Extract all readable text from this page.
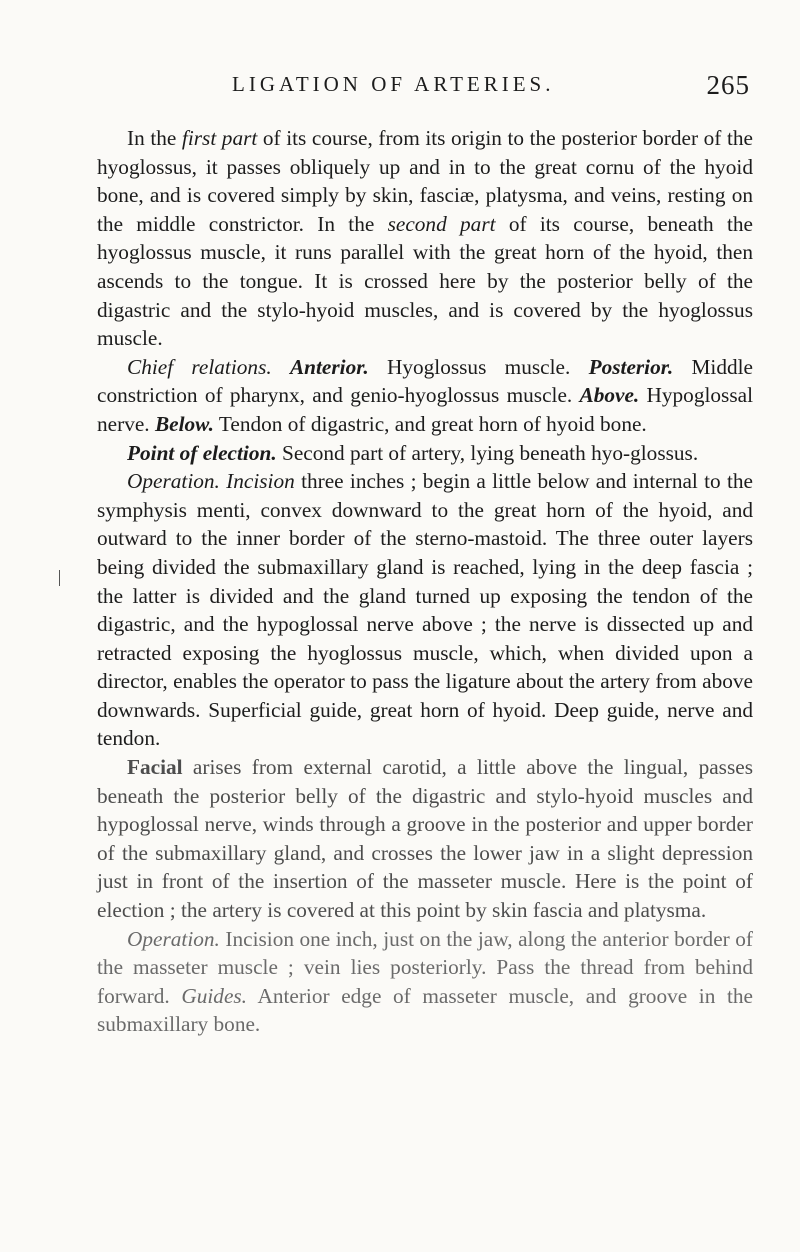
LIGATION OF ARTERIES.	265

In the first part of its course, from its origin to the posterior border of the hyoglossus, it passes obliquely up and in to the great cornu of the hyoid bone, and is covered simply by skin, fasciæ, platysma, and veins, resting on the middle constrictor. In the second part of its course, beneath the hyoglossus muscle, it runs parallel with the great horn of the hyoid, then ascends to the tongue. It is crossed here by the posterior belly of the digastric and the stylo-hyoid muscles, and is covered by the hyoglossus muscle.

Chief relations. Anterior. Hyoglossus muscle. Posterior. Middle constriction of pharynx, and genio-hyoglossus muscle. Above. Hypoglossal nerve. Below. Tendon of digastric, and great horn of hyoid bone.

Point of election. Second part of artery, lying beneath hyo-glossus.

Operation. Incision three inches ; begin a little below and internal to the symphysis menti, convex downward to the great horn of the hyoid, and outward to the inner border of the sterno-mastoid. The three outer layers being divided the submaxillary gland is reached, lying in the deep fascia ; the latter is divided and the gland turned up exposing the tendon of the digastric, and the hypoglossal nerve above ; the nerve is dissected up and retracted exposing the hyoglossus muscle, which, when divided upon a director, enables the operator to pass the ligature about the artery from above downwards. Superficial guide, great horn of hyoid. Deep guide, nerve and tendon.

Facial arises from external carotid, a little above the lingual, passes beneath the posterior belly of the digastric and stylo-hyoid muscles and hypoglossal nerve, winds through a groove in the posterior and upper border of the submaxillary gland, and crosses the lower jaw in a slight depression just in front of the insertion of the masseter muscle. Here is the point of election ; the artery is covered at this point by skin fascia and platysma.

Operation. Incision one inch, just on the jaw, along the anterior border of the masseter muscle ; vein lies posteriorly. Pass the thread from behind forward. Guides. Anterior edge of masseter muscle, and groove in the submaxillary bone.
